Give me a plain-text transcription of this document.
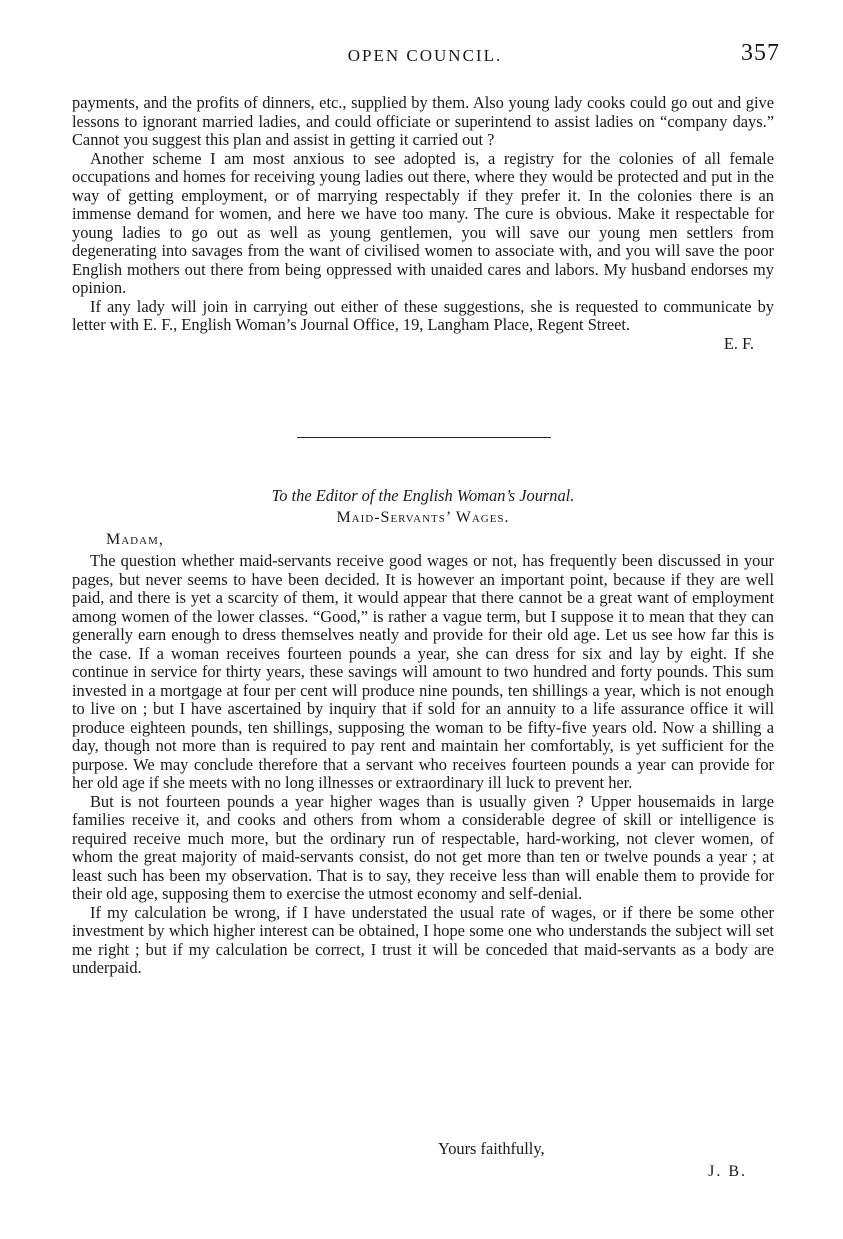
OPEN COUNCIL.	357

payments, and the profits of dinners, etc., supplied by them. Also young lady cooks could go out and give lessons to ignorant married ladies, and could officiate or superintend to assist ladies on “company days.” Cannot you suggest this plan and assist in getting it carried out ?

Another scheme I am most anxious to see adopted is, a registry for the colonies of all female occupations and homes for receiving young ladies out there, where they would be protected and put in the way of getting employment, or of marrying respectably if they prefer it. In the colonies there is an immense demand for women, and here we have too many. The cure is obvious. Make it respectable for young ladies to go out as well as young gentlemen, you will save our young men settlers from degenerating into savages from the want of civilised women to associate with, and you will save the poor English mothers out there from being oppressed with unaided cares and labors. My husband endorses my opinion.

If any lady will join in carrying out either of these suggestions, she is requested to communicate by letter with E. F., English Woman’s Journal Office, 19, Langham Place, Regent Street.

E. F.

To the Editor of the English Woman’s Journal.
Maid-Servants’ Wages.
Madam,

The question whether maid-servants receive good wages or not, has frequently been discussed in your pages, but never seems to have been decided. It is however an important point, because if they are well paid, and there is yet a scarcity of them, it would appear that there cannot be a great want of employment among women of the lower classes. “Good,” is rather a vague term, but I suppose it to mean that they can generally earn enough to dress themselves neatly and provide for their old age. Let us see how far this is the case. If a woman receives fourteen pounds a year, she can dress for six and lay by eight. If she continue in service for thirty years, these savings will amount to two hundred and forty pounds. This sum invested in a mortgage at four per cent will produce nine pounds, ten shillings a year, which is not enough to live on ; but I have ascertained by inquiry that if sold for an annuity to a life assurance office it will produce eighteen pounds, ten shillings, supposing the woman to be fifty-five years old. Now a shilling a day, though not more than is required to pay rent and maintain her comfortably, is yet sufficient for the purpose. We may conclude therefore that a servant who receives fourteen pounds a year can provide for her old age if she meets with no long illnesses or extraordinary ill luck to prevent her.

But is not fourteen pounds a year higher wages than is usually given ? Upper housemaids in large families receive it, and cooks and others from whom a considerable degree of skill or intelligence is required receive much more, but the ordinary run of respectable, hard-working, not clever women, of whom the great majority of maid-servants consist, do not get more than ten or twelve pounds a year ; at least such has been my observation. That is to say, they receive less than will enable them to provide for their old age, supposing them to exercise the utmost economy and self-denial.

If my calculation be wrong, if I have understated the usual rate of wages, or if there be some other investment by which higher interest can be obtained, I hope some one who understands the subject will set me right ; but if my calculation be correct, I trust it will be conceded that maid-servants as a body are underpaid.

Yours faithfully,
J. B.
